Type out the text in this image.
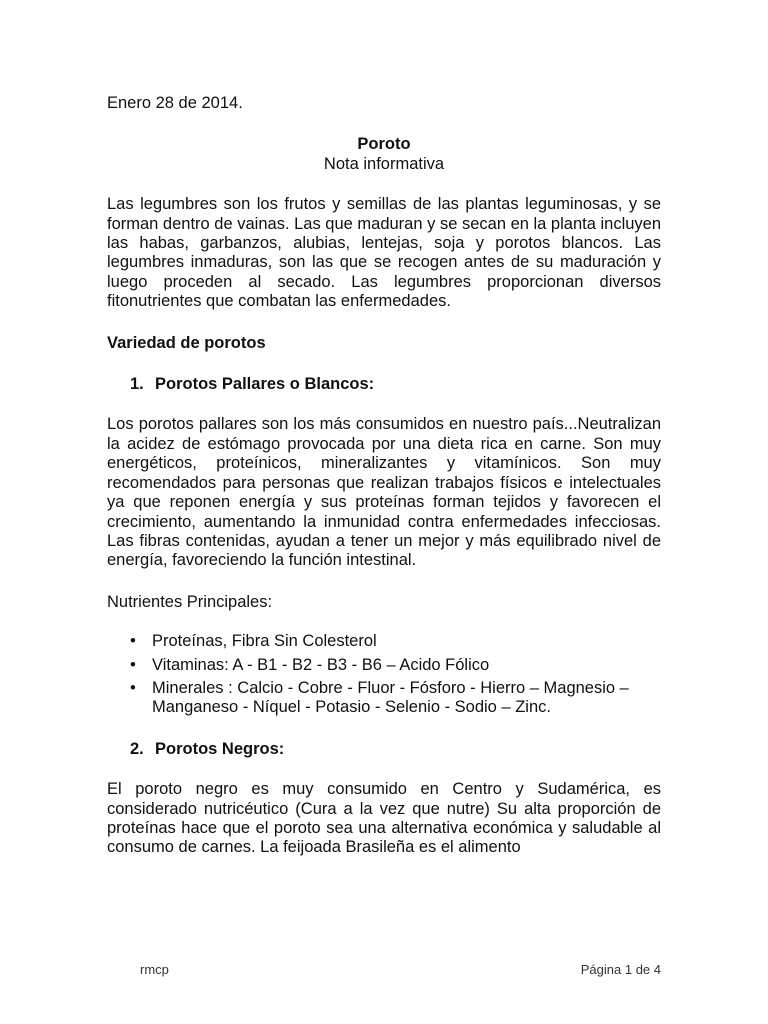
Enero 28 de 2014.

Poroto

Nota informativa

Las legumbres son los frutos y semillas de las plantas leguminosas, y se forman dentro de vainas. Las que maduran y se secan en la planta incluyen las habas, garbanzos, alubias, lentejas, soja y porotos blancos. Las legumbres inmaduras, son las que se recogen antes de su maduración y luego proceden al secado. Las legumbres proporcionan diversos fitonutrientes que combatan las enfermedades.

Variedad de porotos

1. Porotos Pallares o Blancos:

Los porotos pallares son los más consumidos en nuestro país...Neutralizan la acidez de estómago provocada por una dieta rica en carne. Son muy energéticos, proteínicos, mineralizantes y vitamínicos. Son muy recomendados para personas que realizan trabajos físicos e intelectuales ya que reponen energía y sus proteínas forman tejidos y favorecen el crecimiento, aumentando la inmunidad contra enfermedades infecciosas. Las fibras contenidas, ayudan a tener un mejor y más equilibrado nivel de energía, favoreciendo la función intestinal.

Nutrientes Principales:

• Proteínas, Fibra Sin Colesterol
• Vitaminas: A - B1 - B2 - B3 - B6 – Acido Fólico
• Minerales : Calcio - Cobre - Fluor - Fósforo - Hierro – Magnesio – Manganeso - Níquel - Potasio - Selenio - Sodio – Zinc.

2. Porotos Negros:

El poroto negro es muy consumido en Centro y Sudamérica, es considerado nutricéutico (Cura a la vez que nutre) Su alta proporción de proteínas hace que el poroto sea una alternativa económica y saludable al consumo de carnes. La feijoada Brasileña es el alimento

rmcp	Página 1 de 4
